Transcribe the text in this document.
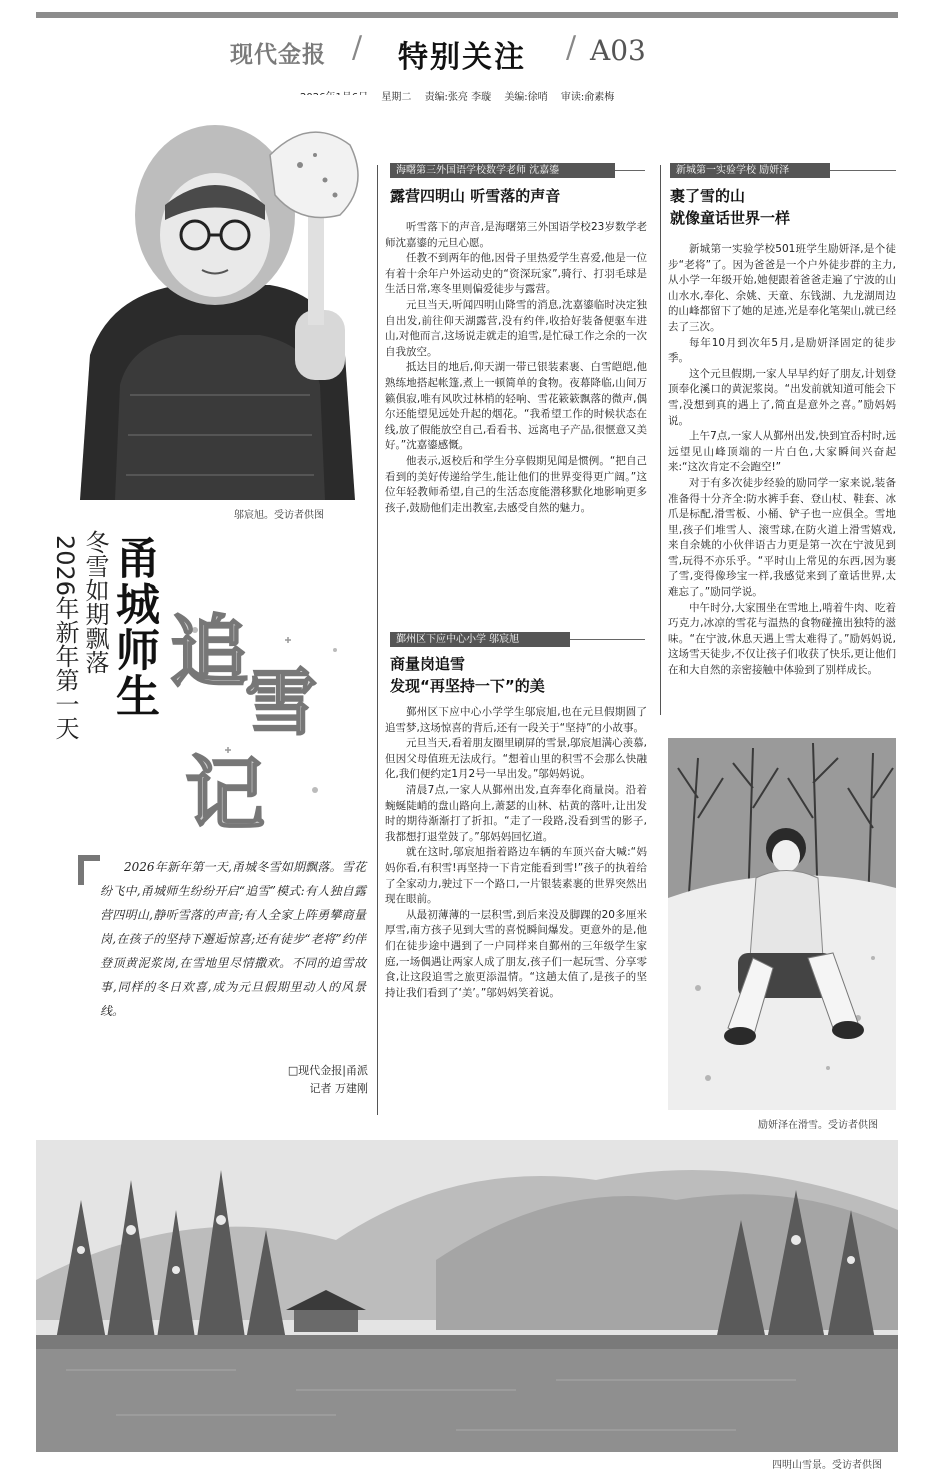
现代金报 / 特别关注 / A03
星期二 责编:张亮 李璇 美编:徐哨 审读:俞素梅
邬宸旭。受访者供图
甬城师生
冬雪如期飘落
2026年新年第一天 追
雪
记

2026年新年第一天,甬城冬雪如期飘落。雪花纷飞中,甬城师生纷纷开启“追雪”模式:有人独自露营四明山,静听雪落的声音;有人全家上阵勇攀商量岗,在孩子的坚持下邂逅惊喜;还有徒步“老将”约伴登顶黄泥浆岗,在雪地里尽情撒欢。不同的追雪故事,同样的冬日欢喜,成为元旦假期里动人的风景线。

□现代金报|甬派
记者 万建刚
海曙第三外国语学校数学老师 沈嘉鎏
露营四明山 听雪落的声音

听雪落下的声音,是海曙第三外国语学校23岁数学老师沈嘉鎏的元旦心愿。

任教不到两年的他,因骨子里热爱学生喜爱,他是一位有着十余年户外运动史的“资深玩家”,骑行、打羽毛球是生活日常,寒冬里则偏爱徒步与露营。

元旦当天,听闻四明山降雪的消息,沈嘉鎏临时决定独自出发,前往仰天湖露营,没有约伴,收拾好装备便驱车进山,对他而言,这场说走就走的追雪,是忙碌工作之余的一次自我放空。

抵达目的地后,仰天湖一带已银装素裹、白雪皑皑,他熟练地搭起帐篷,煮上一顿简单的食物。夜幕降临,山间万籁俱寂,唯有风吹过林梢的轻响、雪花簌簌飘落的微声,偶尔还能望见远处升起的烟花。“我希望工作的时候状态在线,放了假能放空自己,看看书、远离电子产品,很惬意又美好。”沈嘉鎏感慨。

他表示,返校后和学生分享假期见闻是惯例。“把自己看到的美好传递给学生,能让他们的世界变得更广阔。”这位年轻教师希望,自己的生活态度能潜移默化地影响更多孩子,鼓励他们走出教室,去感受自然的魅力。

鄞州区下应中心小学 邬宸旭
商量岗追雪
发现“再坚持一下”的美

鄞州区下应中心小学学生邬宸旭,也在元旦假期圆了追雪梦,这场惊喜的背后,还有一段关于“坚持”的小故事。

元旦当天,看着朋友圈里刷屏的雪景,邬宸旭满心羡慕,但因父母值班无法成行。“想着山里的积雪不会那么快融化,我们便约定1月2号一早出发。”邬妈妈说。

清晨7点,一家人从鄞州出发,直奔奉化商量岗。沿着蜿蜒陡峭的盘山路向上,萧瑟的山林、枯黄的落叶,让出发时的期待渐渐打了折扣。“走了一段路,没看到雪的影子,我都想打退堂鼓了。”邬妈妈回忆道。

就在这时,邬宸旭指着路边车辆的车顶兴奋大喊:“妈妈你看,有积雪!再坚持一下肯定能看到雪!”孩子的执着给了全家动力,驶过下一个路口,一片银装素裹的世界突然出现在眼前。

从最初薄薄的一层积雪,到后来没及脚踝的20多厘米厚雪,南方孩子见到大雪的喜悦瞬间爆发。更意外的是,他们在徒步途中遇到了一户同样来自鄞州的三年级学生家庭,一场偶遇让两家人成了朋友,孩子们一起玩雪、分享零食,让这段追雪之旅更添温情。“这趟太值了,是孩子的坚持让我们看到了‘美’。”邬妈妈笑着说。

新城第一实验学校 励妍泽
裹了雪的山
就像童话世界一样

新城第一实验学校501班学生励妍泽,是个徒步“老将”了。因为爸爸是一个户外徒步群的主力,从小学一年级开始,她便跟着爸爸走遍了宁波的山山水水,奉化、余姚、天童、东钱湖、九龙湖周边的山峰都留下了她的足迹,光是奉化笔架山,就已经去了三次。

每年10月到次年5月,是励妍泽固定的徒步季。

这个元旦假期,一家人早早约好了朋友,计划登顶奉化溪口的黄泥浆岗。“出发前就知道可能会下雪,没想到真的遇上了,简直是意外之喜。”励妈妈说。

上午7点,一家人从鄞州出发,快到宜岙村时,远远望见山峰顶端的一片白色,大家瞬间兴奋起来:“这次肯定不会跑空!”

对于有多次徒步经验的励同学一家来说,装备准备得十分齐全:防水裤手套、登山杖、鞋套、冰爪是标配,滑雪板、小桶、铲子也一应俱全。雪地里,孩子们堆雪人、滚雪球,在防火道上滑雪嬉戏,来自余姚的小伙伴语古力更是第一次在宁波见到雪,玩得不亦乐乎。“平时山上常见的东西,因为裹了雪,变得像珍宝一样,我感觉来到了童话世界,太难忘了。”励同学说。

中午时分,大家围坐在雪地上,啃着牛肉、吃着巧克力,冰凉的雪花与温热的食物碰撞出独特的滋味。“在宁波,休息天遇上雪太难得了。”励妈妈说,这场雪天徒步,不仅让孩子们收获了快乐,更让他们在和大自然的亲密接触中体验到了别样成长。

励妍泽在滑雪。受访者供图
四明山雪景。受访者供图
